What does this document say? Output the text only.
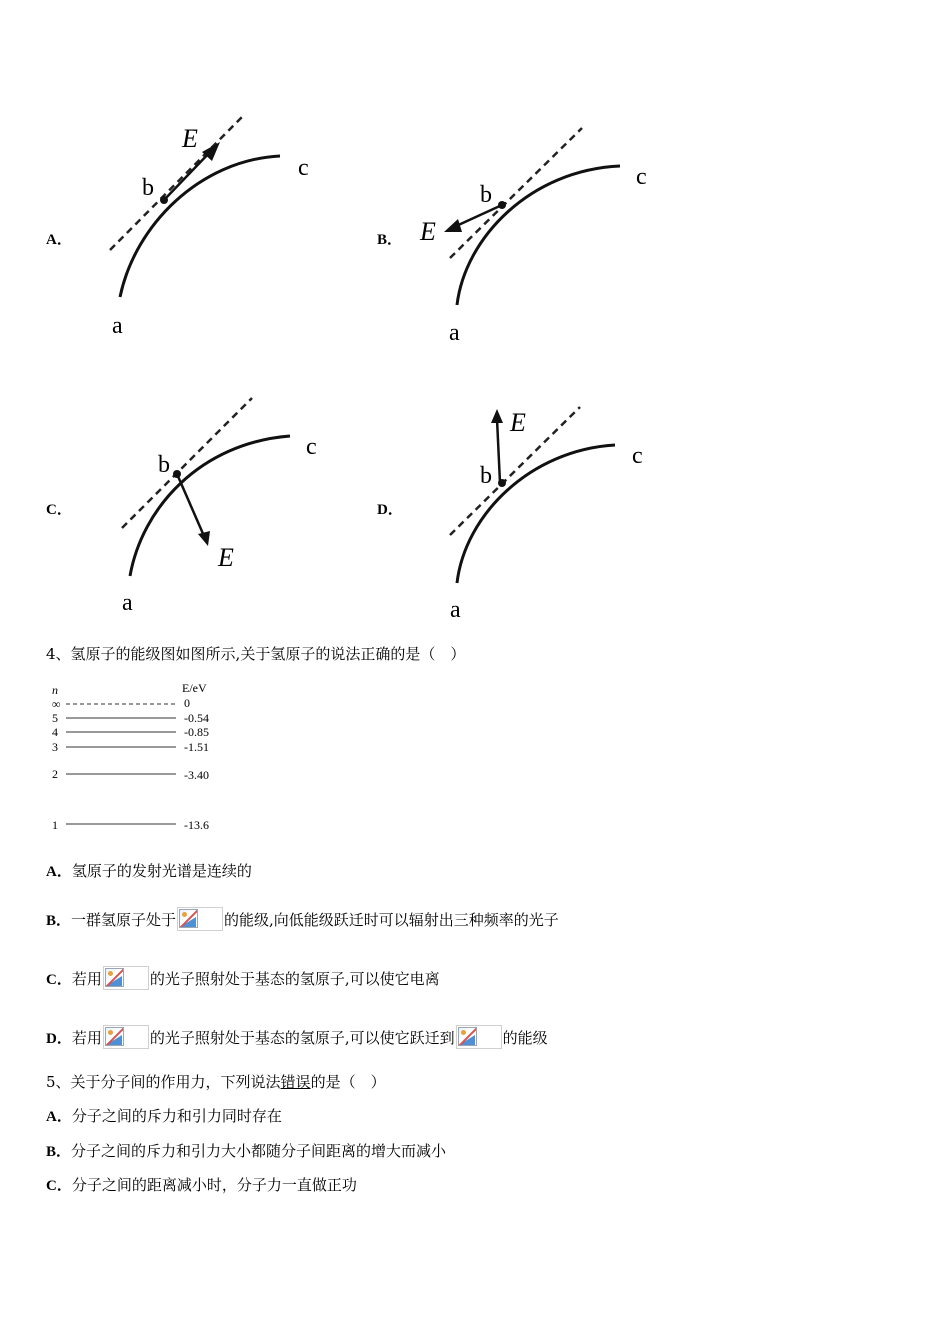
A．
E
b
c
a
B． E
b
c
a
C．
E
b
c
a
D．
E
b
c
a
4、氢原子的能级图如图所示,关于氢原子的说法正确的是（　）
n	E/eV
∞	0
5	-0.54
4	-0.85
3	-1.51
2	-3.40
1	-13.6
A．氢原子的发射光谱是连续的
B．一群氢原子处于	的能级,向低能级跃迁时可以辐射出三种频率的光子
C．若用	的光子照射处于基态的氢原子,可以使它电离
D．若用	的光子照射处于基态的氢原子,可以使它跃迁到	的能级
5、关于分子间的作用力，下列说法错误的是（　）
A．分子之间的斥力和引力同时存在
B．分子之间的斥力和引力大小都随分子间距离的增大而减小
C．分子之间的距离减小时，分子力一直做正功
